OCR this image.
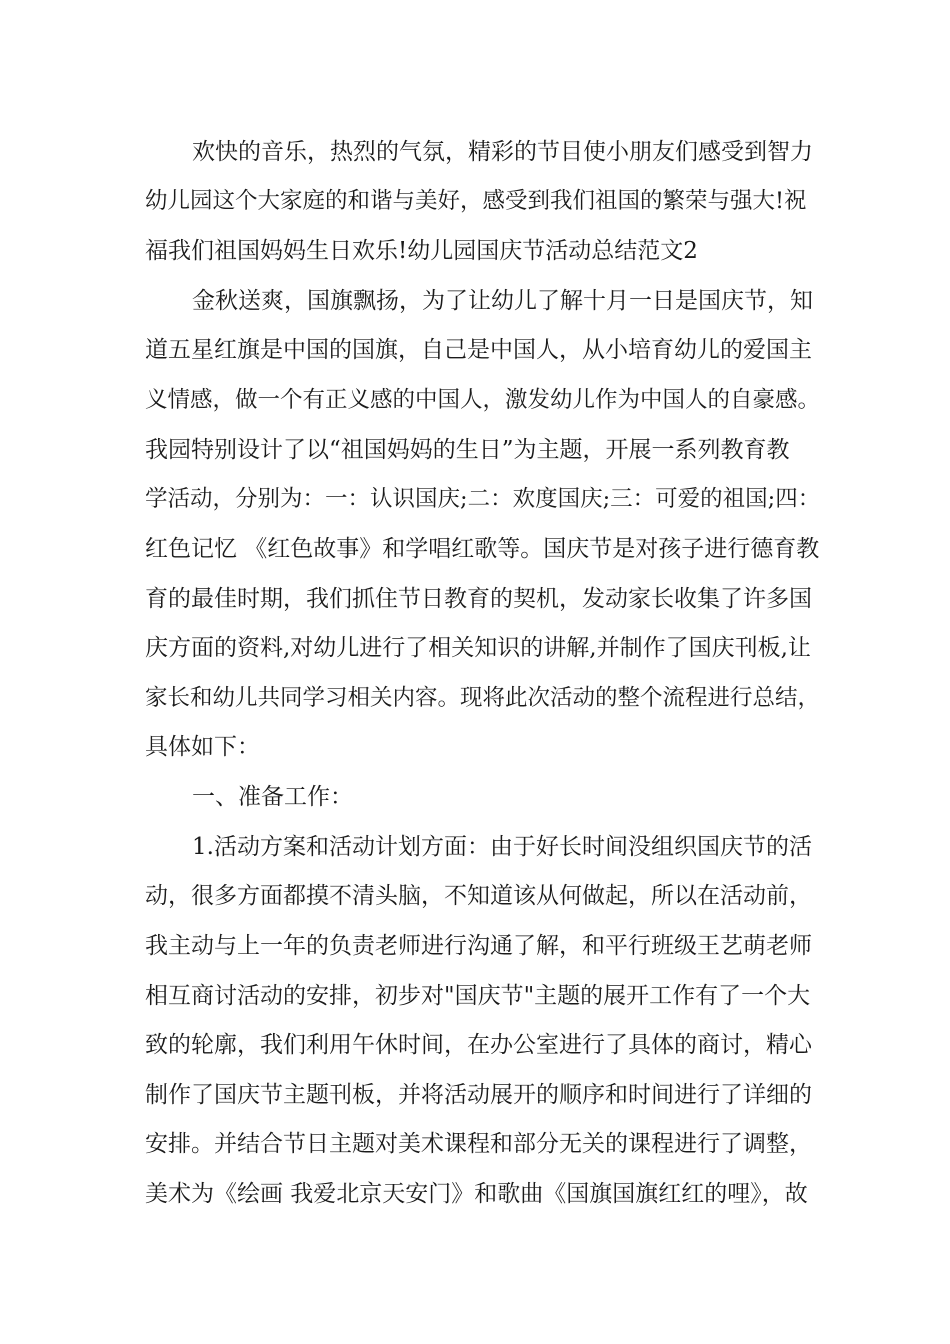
欢快的音乐，热烈的气氛，精彩的节目使小朋友们感受到智力
幼儿园这个大家庭的和谐与美好，感受到我们祖国的繁荣与强大!祝
福我们祖国妈妈生日欢乐!幼儿园国庆节活动总结范文2
金秋送爽，国旗飘扬，为了让幼儿了解十月一日是国庆节，知
道五星红旗是中国的国旗，自己是中国人，从小培育幼儿的爱国主
义情感，做一个有正义感的中国人，激发幼儿作为中国人的自豪感。
我园特别设计了以“祖国妈妈的生日”为主题，开展一系列教育教
学活动，分别为：一：认识国庆;二：欢度国庆;三：可爱的祖国;四：
红色记忆 《红色故事》和学唱红歌等。国庆节是对孩子进行德育教
育的最佳时期，我们抓住节日教育的契机，发动家长收集了许多国
庆方面的资料,对幼儿进行了相关知识的讲解,并制作了国庆刊板,让
家长和幼儿共同学习相关内容。现将此次活动的整个流程进行总结，
具体如下：
一、准备工作：
1.活动方案和活动计划方面：由于好长时间没组织国庆节的活
动，很多方面都摸不清头脑，不知道该从何做起，所以在活动前，
我主动与上一年的负责老师进行沟通了解，和平行班级王艺萌老师
相互商讨活动的安排，初步对"国庆节"主题的展开工作有了一个大
致的轮廓，我们利用午休时间，在办公室进行了具体的商讨，精心
制作了国庆节主题刊板，并将活动展开的顺序和时间进行了详细的
安排。并结合节日主题对美术课程和部分无关的课程进行了调整，
美术为《绘画 我爱北京天安门》和歌曲《国旗国旗红红的哩》，故
